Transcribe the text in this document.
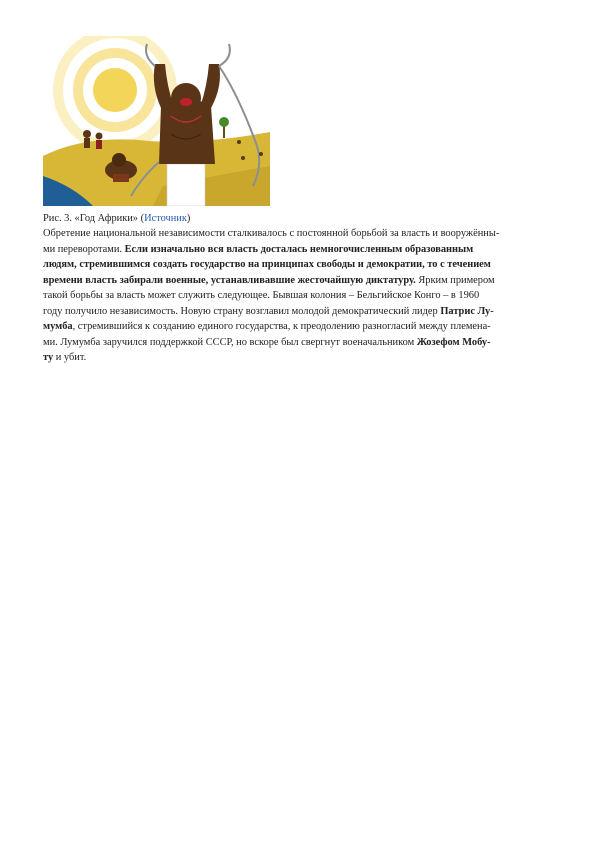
Рис. 3. «Год Африки» (Источник)
Обретение национальной независимости сталкивалось с постоянной борьбой за власть и вооружённы-
ми переворотами. Если изначально вся власть досталась немногочисленным образованным
людям, стремившимся создать государство на принципах свободы и демократии, то с течением
времени власть забирали военные, устанавливавшие жесточайшую диктатуру. Ярким примером
такой борьбы за власть может служить следующее. Бывшая колония – Бельгийское Конго – в 1960
году получило независимость. Новую страну возглавил молодой демократический лидер Патрис Лу-
мумба, стремившийся к созданию единого государства, к преодолению разногласий между племена-
ми. Лумумба заручился поддержкой СССР, но вскоре был свергнут военачальником Жозефом Мобу-
ту и убит.
